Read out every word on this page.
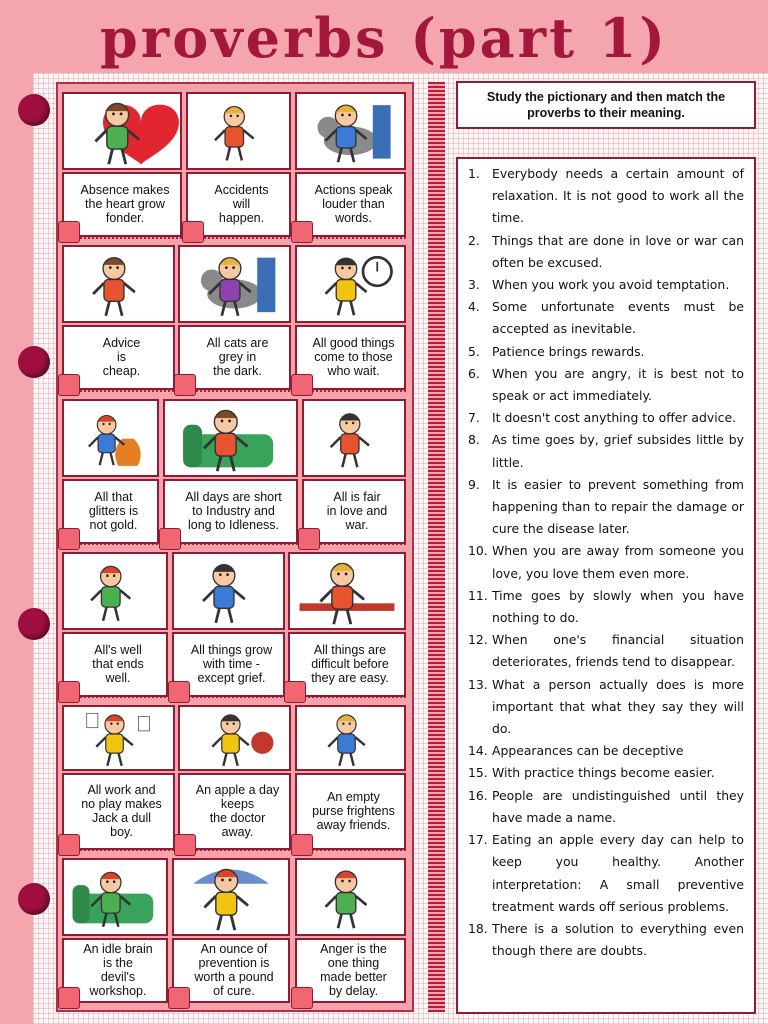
proverbs (part 1)
Absence makes
the heart grow
fonder.
Accidents
will
happen.
Actions speak
louder than
words.
Advice
is
cheap.
All cats are
grey in
the dark.
All good things
come to those
who wait.
All that
glitters is
not gold.
All days are short
to Industry and
long to Idleness.
All is fair
in love and
war.
All's well
that ends
well.
All things grow
with time -
except grief.
All things are
difficult before
they are easy.
All work and
no play makes
Jack a dull
boy.
An apple a day
keeps
the doctor
away.
An empty
purse frightens
away friends.
An idle brain
is the
devil's
workshop.
An ounce of
prevention is
worth a pound
of cure.
Anger is the
one thing
made better
by delay.
Study the pictionary and then match the proverbs to their meaning.
1. Everybody needs a certain amount of relaxation. It is not good to work all the time.
2. Things that are done in love or war can often be excused.
3. When you work you avoid temptation.
4. Some unfortunate events must be accepted as inevitable.
5. Patience brings rewards.
6. When you are angry, it is best not to speak or act immediately.
7. It doesn't cost anything to offer advice.
8. As time goes by, grief subsides little by little.
9. It is easier to prevent something from happening than to repair the damage or cure the disease later.
10. When you are away from someone you love, you love them even more.
11. Time goes by slowly when you have nothing to do.
12. When one's financial situation deteriorates, friends tend to disappear.
13. What a person actually does is more important that what they say they will do.
14. Appearances can be deceptive
15. With practice things become easier.
16. People are undistinguished until they have made a name.
17. Eating an apple every day can help to keep you healthy. Another interpretation: A small preventive treatment wards off serious problems.
18. There is a solution to everything even though there are doubts.
